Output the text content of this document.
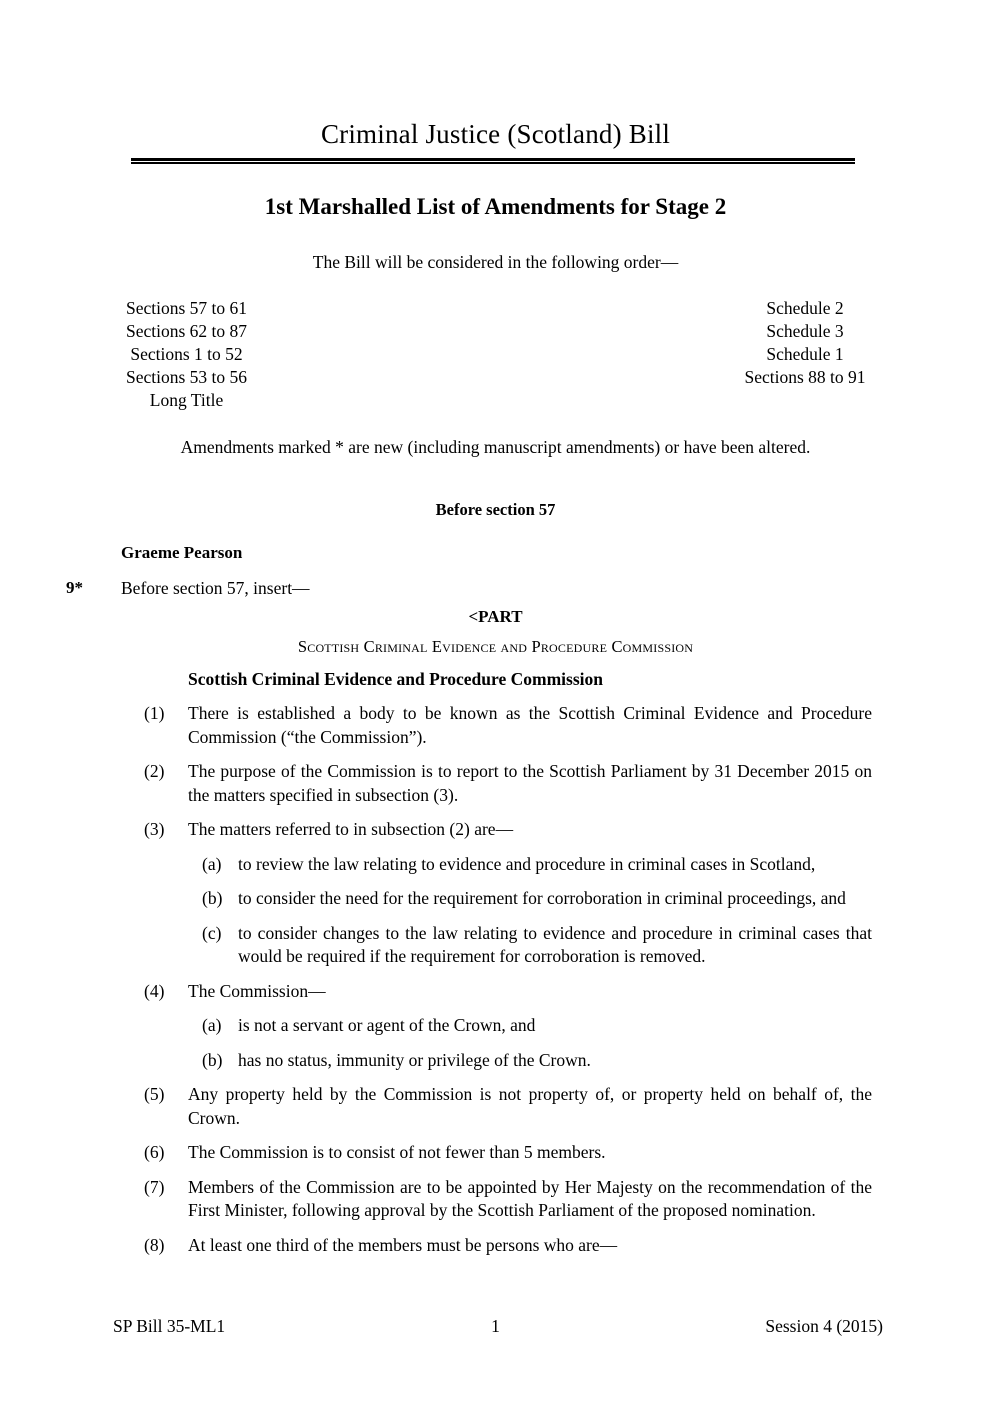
Criminal Justice (Scotland) Bill
1st Marshalled List of Amendments for Stage 2
The Bill will be considered in the following order—
Sections 57 to 61	Schedule 2
Sections 62 to 87	Schedule 3
Sections 1 to 52	Schedule 1
Sections 53 to 56	Sections 88 to 91
Long Title
Amendments marked * are new (including manuscript amendments) or have been altered.
Before section 57
Graeme Pearson
9* Before section 57, insert—
<PART
Scottish Criminal Evidence and Procedure Commission
Scottish Criminal Evidence and Procedure Commission
(1)	There is established a body to be known as the Scottish Criminal Evidence and Procedure Commission (“the Commission”).
(2)	The purpose of the Commission is to report to the Scottish Parliament by 31 December 2015 on the matters specified in subsection (3).
(3)	The matters referred to in subsection (2) are—
(a) to review the law relating to evidence and procedure in criminal cases in Scotland,
(b) to consider the need for the requirement for corroboration in criminal proceedings, and
(c) to consider changes to the law relating to evidence and procedure in criminal cases that would be required if the requirement for corroboration is removed.
(4)	The Commission—
(a) is not a servant or agent of the Crown, and
(b) has no status, immunity or privilege of the Crown.
(5)	Any property held by the Commission is not property of, or property held on behalf of, the Crown.
(6)	The Commission is to consist of not fewer than 5 members.
(7)	Members of the Commission are to be appointed by Her Majesty on the recommendation of the First Minister, following approval by the Scottish Parliament of the proposed nomination.
(8)	At least one third of the members must be persons who are—
SP Bill 35-ML1	1	Session 4 (2015)
